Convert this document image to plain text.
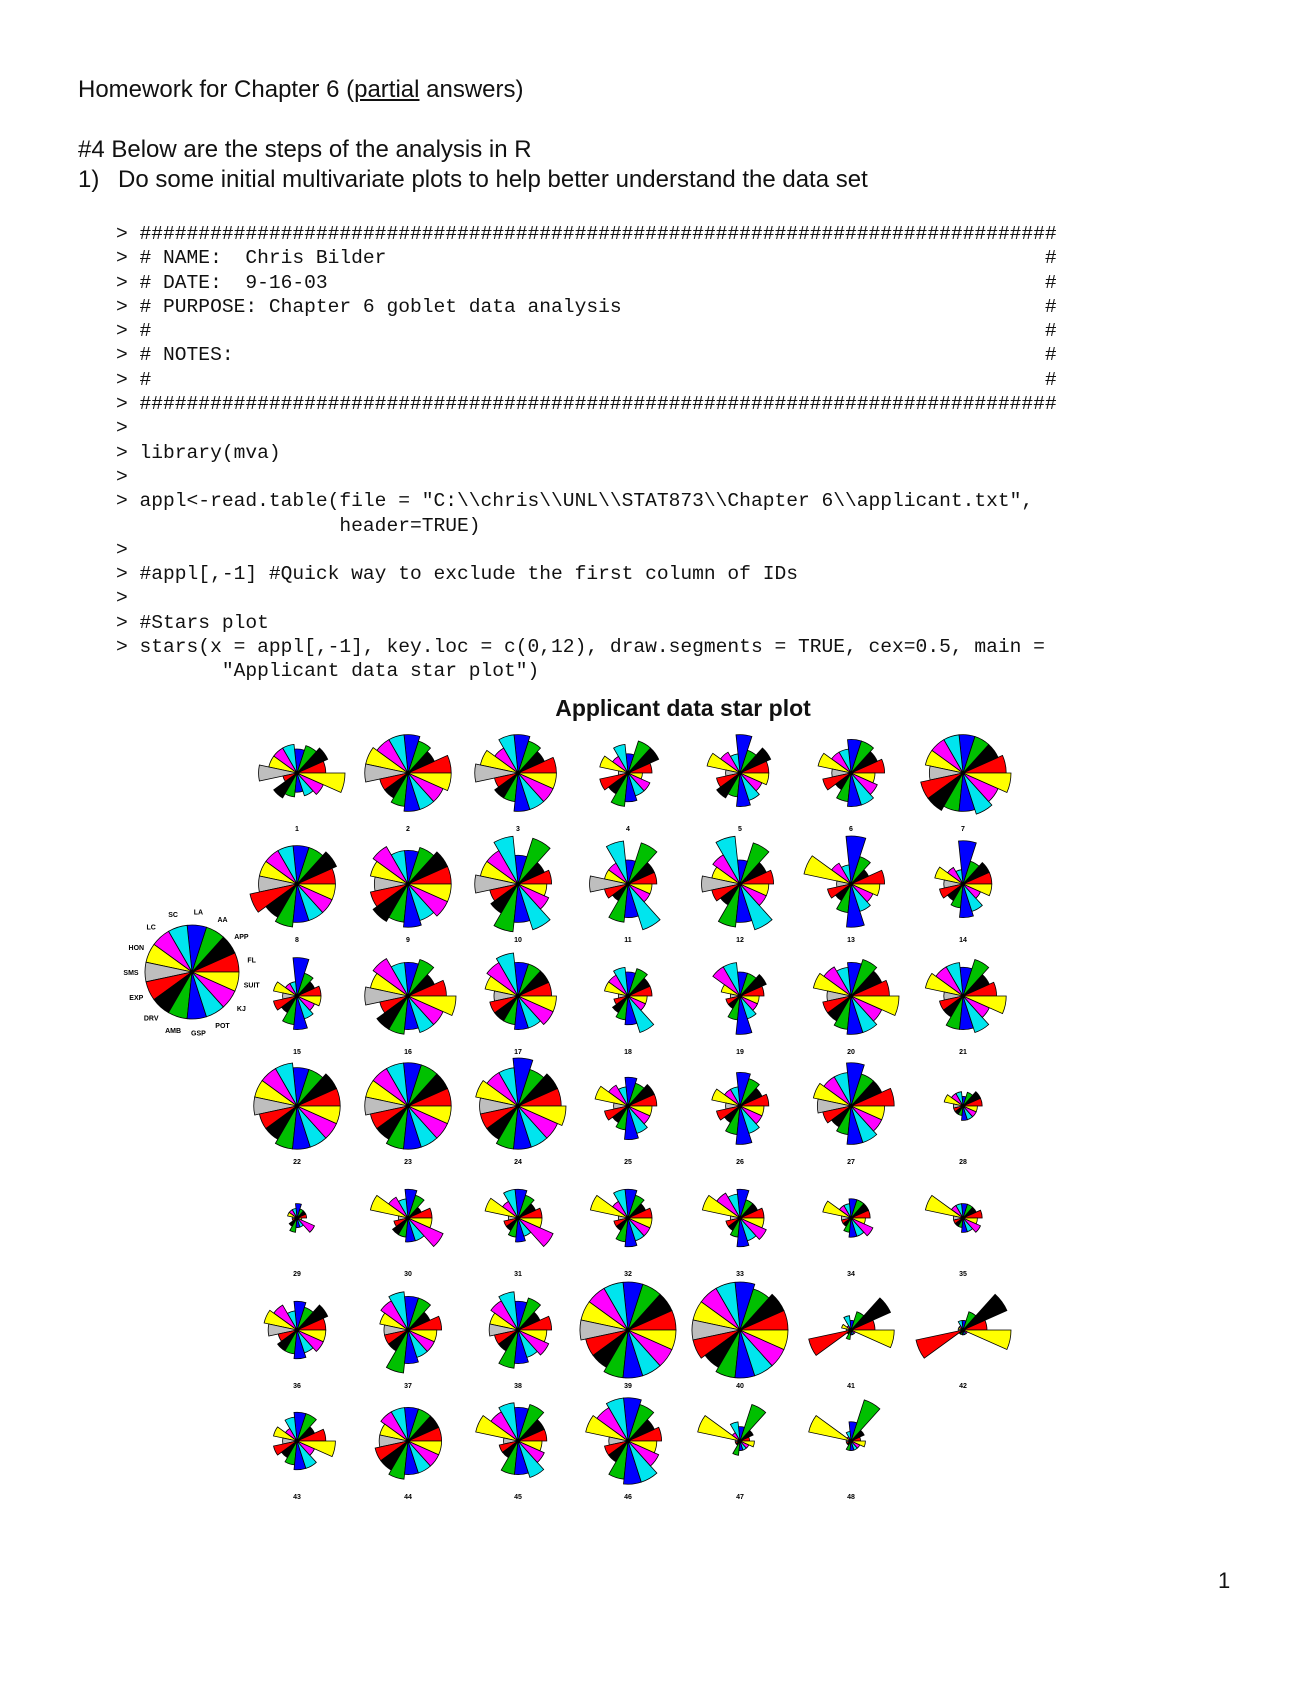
Homework for Chapter 6 (partial answers)
#4 Below are the steps of the analysis in R
1) Do some initial multivariate plots to help better understand the data set
> ##############################################################################
> # NAME:  Chris Bilder                                                        #
> # DATE:  9-16-03                                                             #
> # PURPOSE: Chapter 6 goblet data analysis                                    #
> #                                                                            #
> # NOTES:                                                                     #
> #                                                                            #
> ##############################################################################
>
> library(mva)
>
> appl<-read.table(file = "C:\\chris\\UNL\\STAT873\\Chapter 6\\applicant.txt",
header=TRUE)
>
> #appl[,-1] #Quick way to exclude the first column of IDs
>
> #Stars plot
> stars(x = appl[,-1], key.loc = c(0,12), draw.segments = TRUE, cex=0.5, main =
"Applicant data star plot")
Applicant data star plot
1	2	3	4	5	6	7
8	9	10	11	12	13	14
15	16	17	18	19	20	21
22	23	24	25	26	27	28
29	30	31	32	33	34	35
36	37	38	39	40	41	42
43	44	45	46	47	48
FL
APP
AA
LA
SC
LC
HON
SMS
EXP
DRV
AMB GSP
POT
KJ
SUIT
1
